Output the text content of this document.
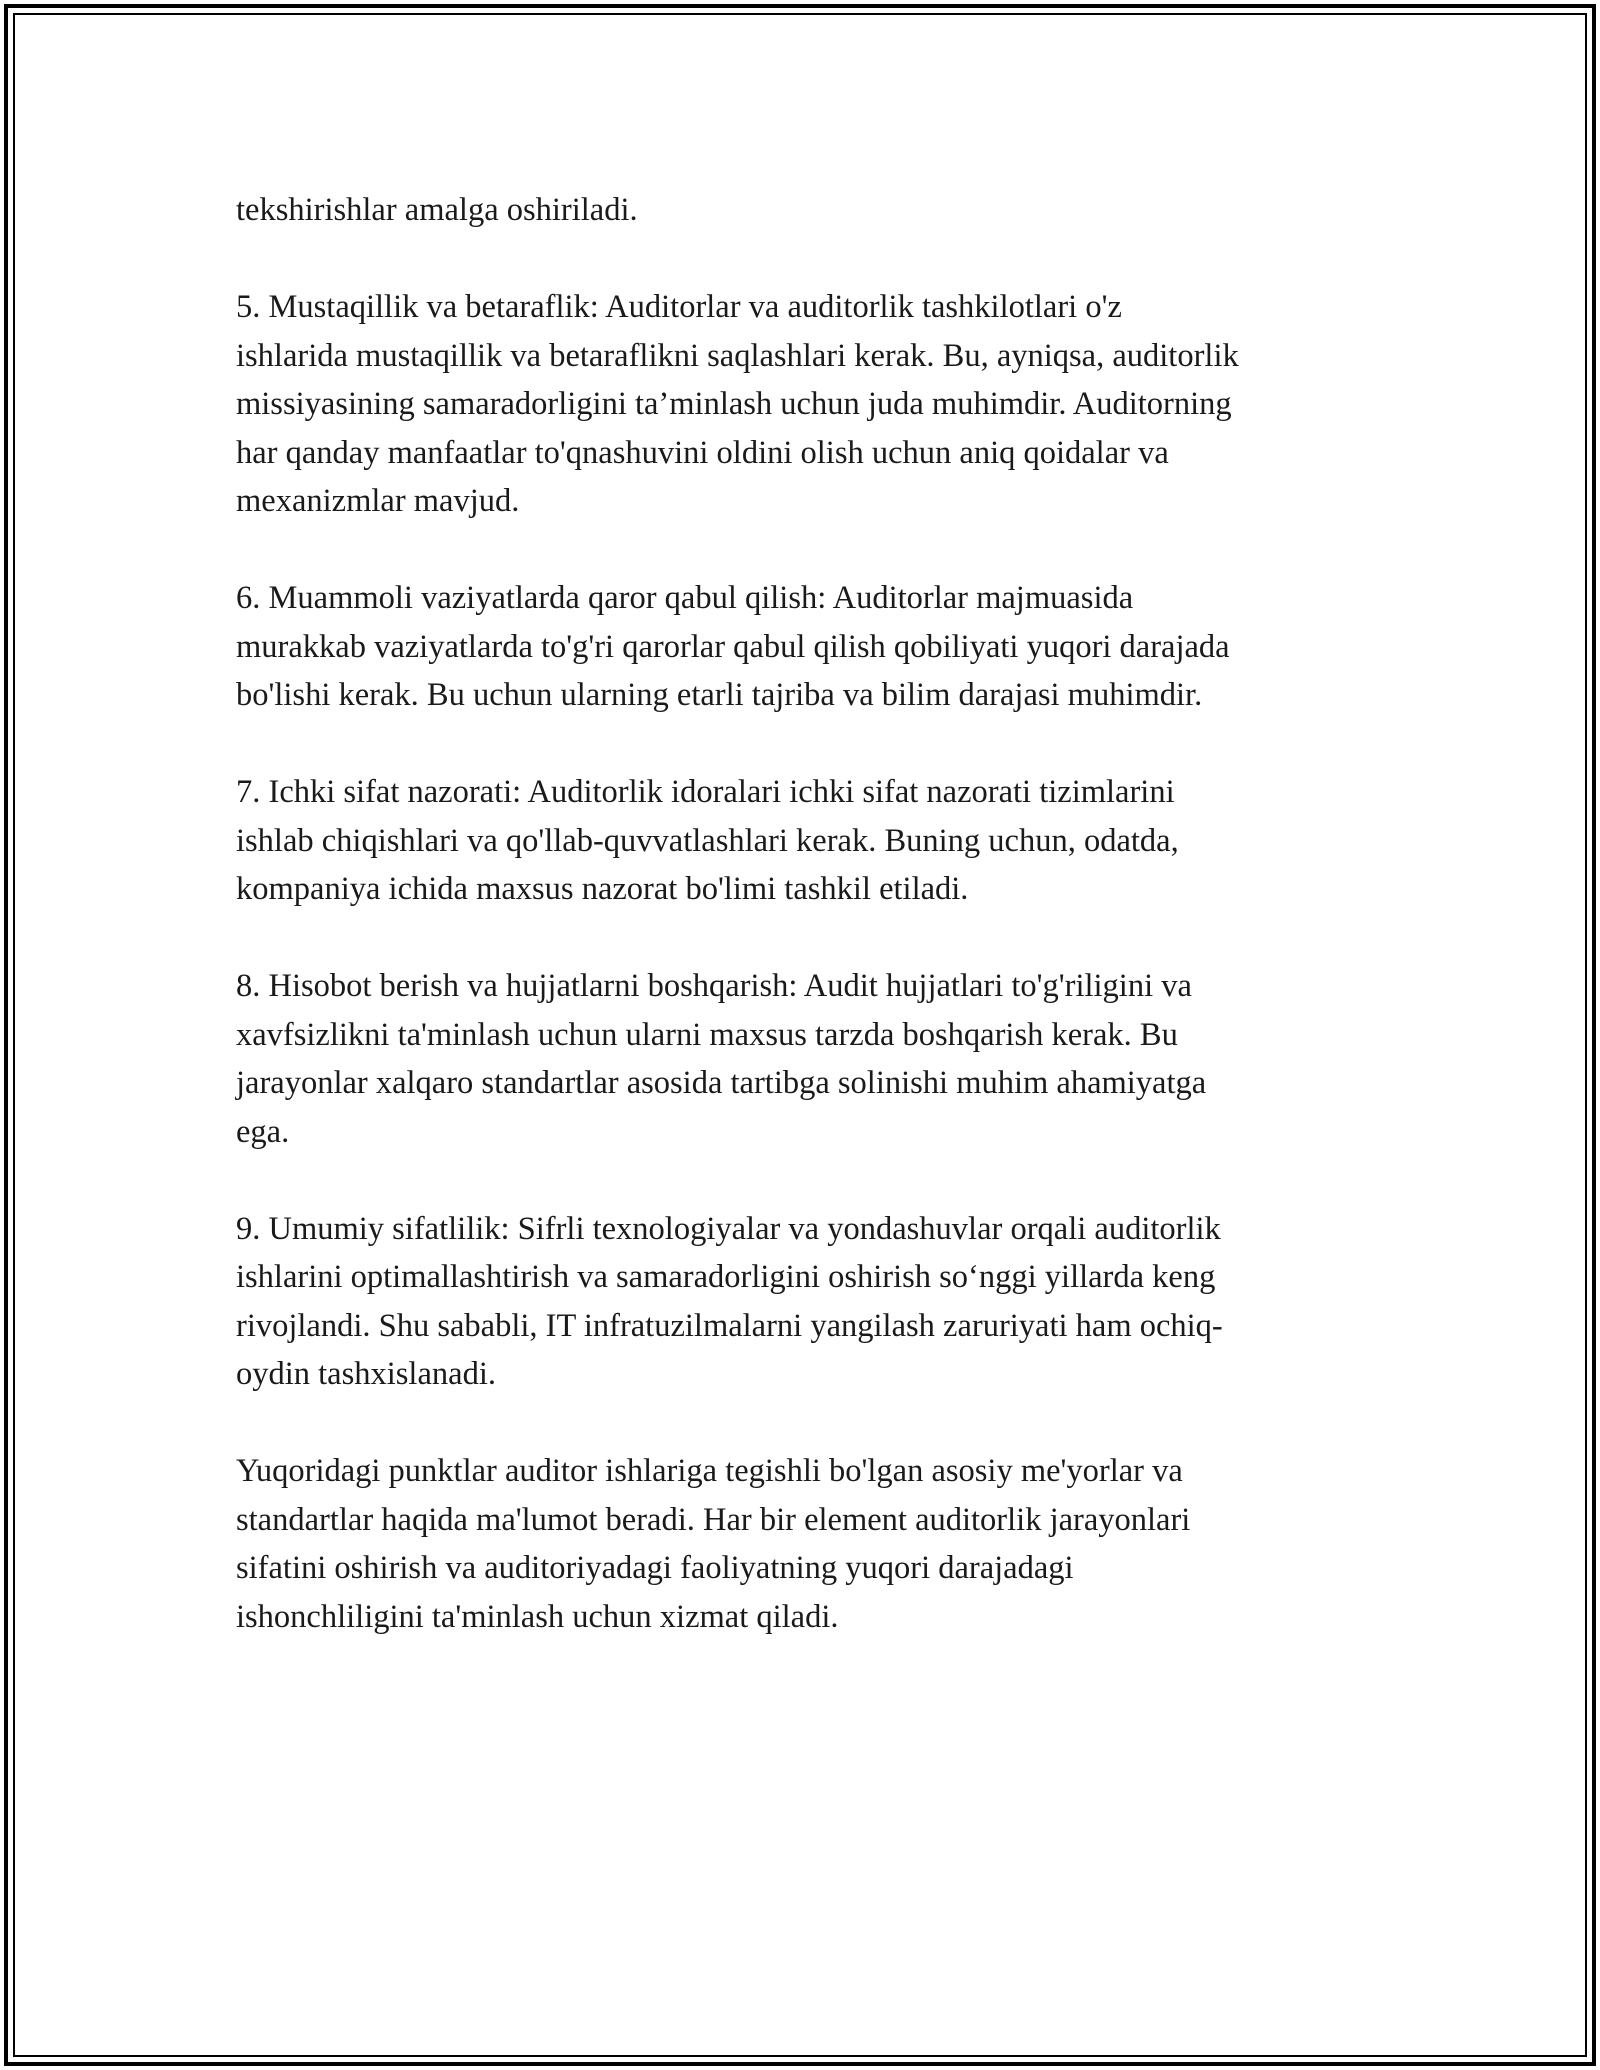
tekshirishlar amalga oshiriladi.

5. Mustaqillik va betaraflik: Auditorlar va auditorlik tashkilotlari o'z
ishlarida mustaqillik va betaraflikni saqlashlari kerak. Bu, ayniqsa, auditorlik
missiyasining samaradorligini ta’minlash uchun juda muhimdir. Auditorning
har qanday manfaatlar to'qnashuvini oldini olish uchun aniq qoidalar va
mexanizmlar mavjud.

6. Muammoli vaziyatlarda qaror qabul qilish: Auditorlar majmuasida
murakkab vaziyatlarda to'g'ri qarorlar qabul qilish qobiliyati yuqori darajada
bo'lishi kerak. Bu uchun ularning etarli tajriba va bilim darajasi muhimdir.

7. Ichki sifat nazorati: Auditorlik idoralari ichki sifat nazorati tizimlarini
ishlab chiqishlari va qo'llab-quvvatlashlari kerak. Buning uchun, odatda,
kompaniya ichida maxsus nazorat bo'limi tashkil etiladi.

8. Hisobot berish va hujjatlarni boshqarish: Audit hujjatlari to'g'riligini va
xavfsizlikni ta'minlash uchun ularni maxsus tarzda boshqarish kerak. Bu
jarayonlar xalqaro standartlar asosida tartibga solinishi muhim ahamiyatga
ega.

9. Umumiy sifatlilik: Sifrli texnologiyalar va yondashuvlar orqali auditorlik
ishlarini optimallashtirish va samaradorligini oshirish so‘nggi yillarda keng
rivojlandi. Shu sababli, IT infratuzilmalarni yangilash zaruriyati ham ochiq-
oydin tashxislanadi.

Yuqoridagi punktlar auditor ishlariga tegishli bo'lgan asosiy me'yorlar va
standartlar haqida ma'lumot beradi. Har bir element auditorlik jarayonlari
sifatini oshirish va auditoriyadagi faoliyatning yuqori darajadagi
ishonchliligini ta'minlash uchun xizmat qiladi.
